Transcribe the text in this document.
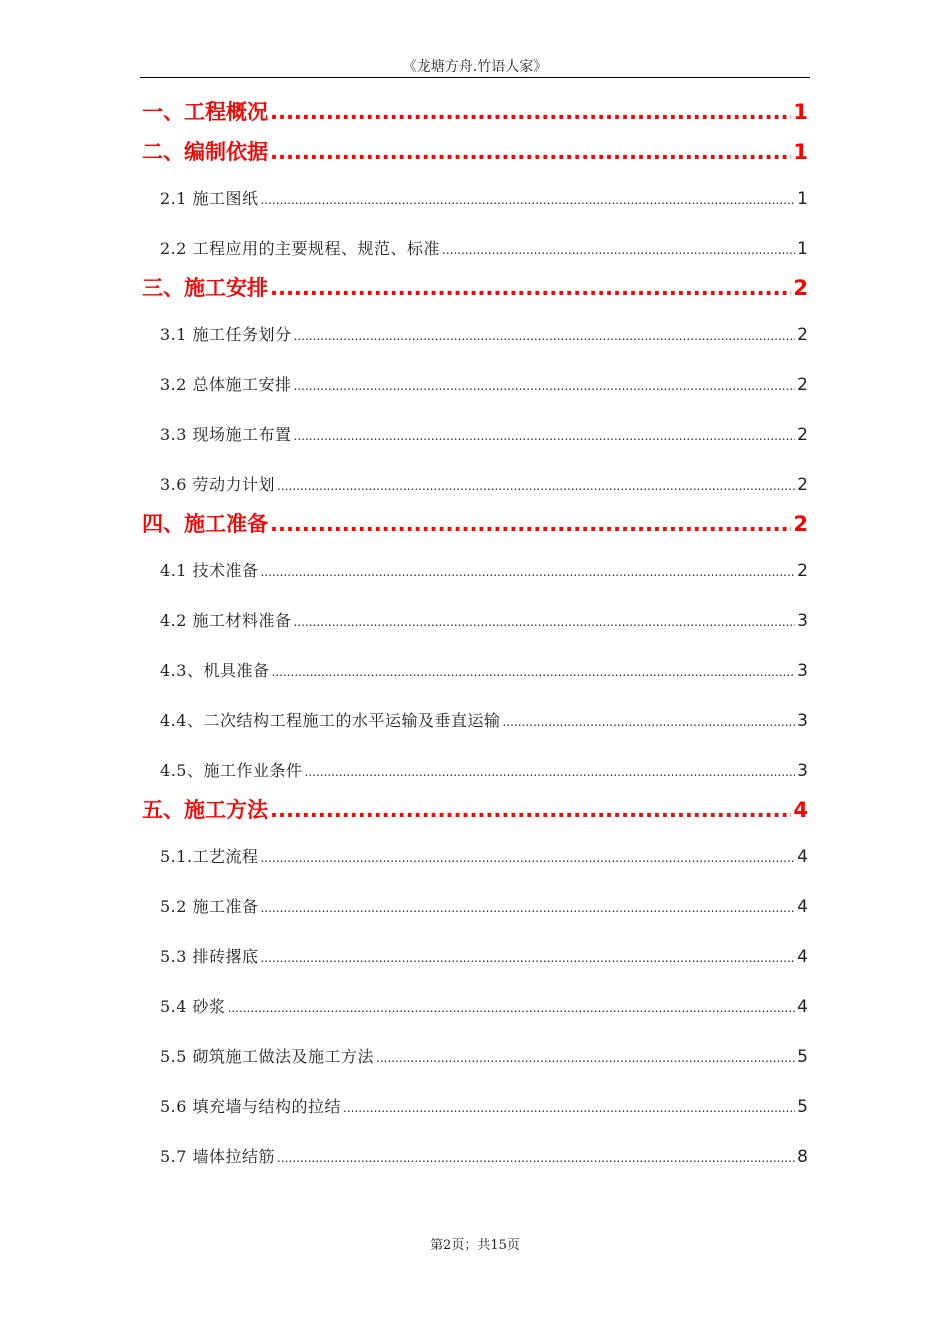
《龙塘方舟.竹语人家》
一、工程概况 .....	1
二、编制依据 .....	1
2.1 施工图纸 .....	1
2.2 工程应用的主要规程、规范、标准 .....	1
三、施工安排 .....	2
3.1 施工任务划分 .....	2
3.2 总体施工安排 .....	2
3.3 现场施工布置 .....	2
3.6 劳动力计划 .....	2
四、施工准备 .....	2
4.1 技术准备 .....	2
4.2 施工材料准备 .....	3
4.3、机具准备 .....	3
4.4、二次结构工程施工的水平运输及垂直运输 .....	3
4.5、施工作业条件 .....	3
五、施工方法 .....	4
5.1.工艺流程 .....	4
5.2 施工准备 .....	4
5.3 排砖撂底 .....	4
5.4 砂浆 .....	4
5.5 砌筑施工做法及施工方法 .....	5
5.6 填充墙与结构的拉结 .....	5
5.7 墙体拉结筋 .....	8
第2页；共15页
